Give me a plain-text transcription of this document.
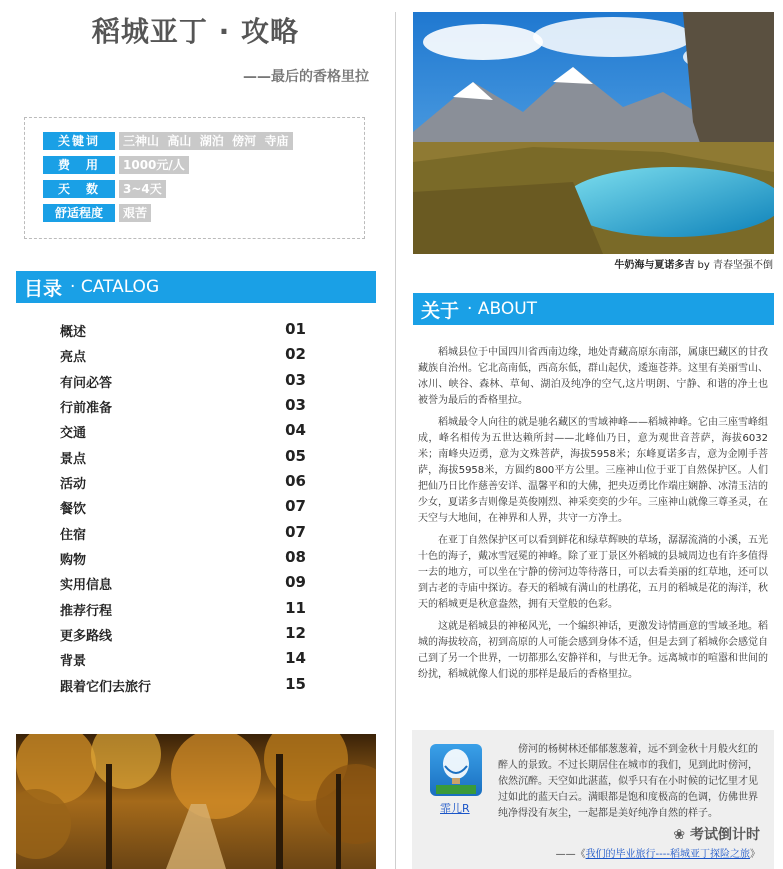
稻城亚丁 · 攻略
——最后的香格里拉
关键词	三神山 高山 湖泊 傍河 寺庙
费　用	1000元/人
天　数	3~4天
舒适程度	艰苦
目录 · CATALOG
概述	01
亮点	02
有问必答	03
行前准备	03
交通	04
景点	05
活动	06
餐饮	07
住宿	07
购物	08
实用信息	09
推荐行程	11
更多路线	12
背景	14
跟着它们去旅行	15
牛奶海与夏诺多吉 by 青春坚强不倒
关于 · ABOUT

稻城县位于中国四川省西南边缘，地处青藏高原东南部，属康巴藏区的甘孜藏族自治州。它北高南低，西高东低，群山起伏，逶迤苍莽。这里有美丽雪山、冰川、峡谷、森林、草甸、湖泊及纯净的空气,这片明朗、宁静、和谐的净土也被誉为最后的香格里拉。

稻城最令人向往的就是驰名藏区的雪域神峰——稻城神峰。它由三座雪峰组成，峰名相传为五世达赖所封——北峰仙乃日，意为观世音菩萨，海拔6032米；南峰央迈勇，意为文殊菩萨，海拔5958米；东峰夏诺多吉，意为金刚手菩萨，海拔5958米，方圆约800平方公里。三座神山位于亚丁自然保护区。人们把仙乃日比作慈善安详、温馨平和的大佛，把央迈勇比作端庄娴静、冰清玉洁的少女，夏诺多吉则像是英俊刚烈、神采奕奕的少年。三座神山就像三尊圣灵，在天空与大地间，在神界和人界，共守一方净土。

在亚丁自然保护区可以看到鲜花和绿草辉映的草场，潺潺流淌的小溪，五光十色的海子，戴冰雪冠冕的神峰。除了亚丁景区外稻城的县城周边也有许多值得一去的地方，可以坐在宁静的傍河边等待落日，可以去看美丽的红草地，还可以到古老的寺庙中探访。春天的稻城有满山的杜鹃花，五月的稻城是花的海洋，秋天的稻城更是秋意盎然，拥有天堂般的色彩。

这就是稻城县的神秘风光，一个编织神话，更激发诗情画意的雪域圣地。稻城的海拔较高，初到高原的人可能会感到身体不适，但是去到了稻城你会感觉自己到了另一个世界，一切都那么安静祥和，与世无争。远离城市的喧嚣和世间的纷扰，稻城就像人们说的那样是最后的香格里拉。

霏儿R
傍河的杨树林还郁郁葱葱着，远不到金秋十月般火红的醉人的景致。不过长期居住在城市的我们，见到此时傍河，依然沉醉。天空如此湛蓝，似乎只有在小时候的记忆里才见过如此的蓝天白云。满眼都是饱和度极高的色调，仿佛世界纯净得没有灰尘，一起都是美好纯净自然的样子。
——《我们的毕业旅行----稻城亚丁探险之旅》
❀ 考试倒计时
